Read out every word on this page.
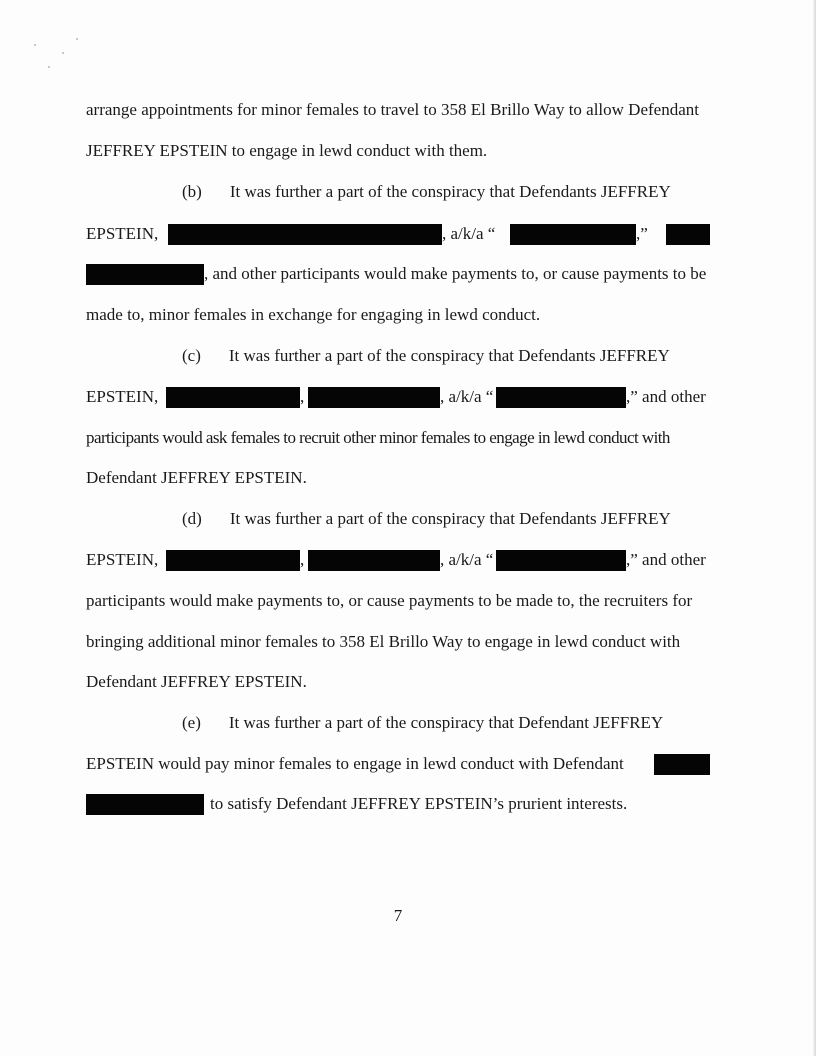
arrange appointments for minor females to travel to 358 El Brillo Way to allow Defendant
JEFFREY EPSTEIN to engage in lewd conduct with them.
(b) It was further a part of the conspiracy that Defendants JEFFREY
EPSTEIN,	, a/k/a “	,”
, and other participants would make payments to, or cause payments to be
made to, minor females in exchange for engaging in lewd conduct.
(c) It was further a part of the conspiracy that Defendants JEFFREY
EPSTEIN,	,	, a/k/a “	,” and other
participants would ask females to recruit other minor females to engage in lewd conduct with
Defendant JEFFREY EPSTEIN.
(d) It was further a part of the conspiracy that Defendants JEFFREY
EPSTEIN,	,	, a/k/a “	,” and other
participants would make payments to, or cause payments to be made to, the recruiters for
bringing additional minor females to 358 El Brillo Way to engage in lewd conduct with
Defendant JEFFREY EPSTEIN.
(e) It was further a part of the conspiracy that Defendant JEFFREY
EPSTEIN would pay minor females to engage in lewd conduct with Defendant
to satisfy Defendant JEFFREY EPSTEIN’s prurient interests.
7
